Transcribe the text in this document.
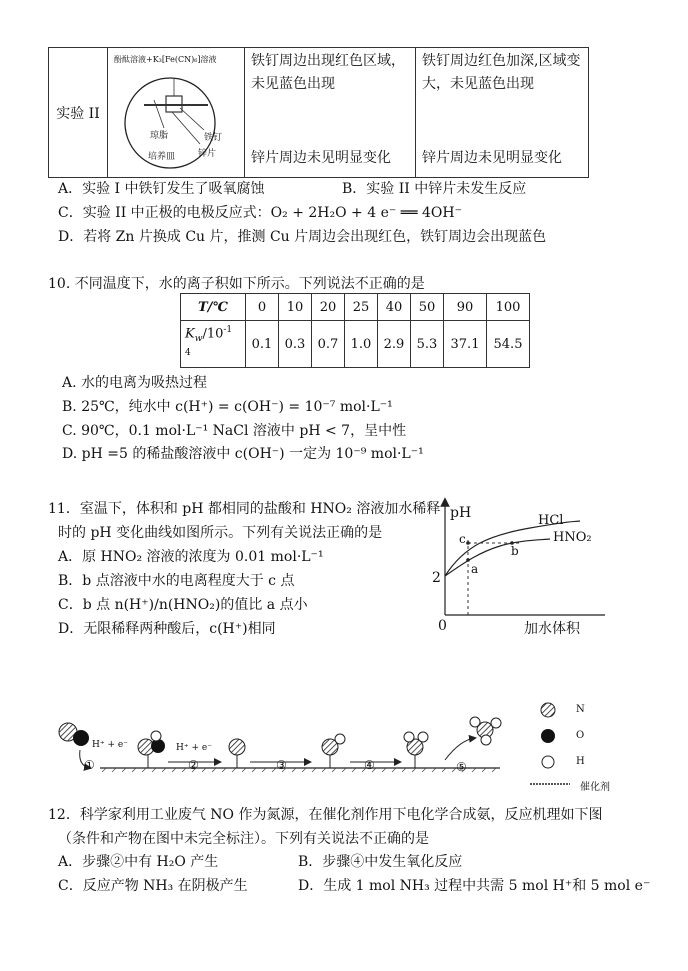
实验 II	
酚酞溶液+K₃[Fe(CN)₆]溶液
琼脂	铁钉
锌片
培养皿

铁钉周边出现红色区域，未见蓝色出现
锌片周边未见明显变化

铁钉周边红色加深,区域变大，未见蓝色出现
锌片周边未见明显变化
A．实验 I 中铁钉发生了吸氧腐蚀	B．实验 II 中锌片未发生反应
C．实验 II 中正极的电极反应式：O₂ + 2H₂O + 4 e⁻ ══ 4OH⁻
D．若将 Zn 片换成 Cu 片，推测 Cu 片周边会出现红色，铁钉周边会出现蓝色
10. 不同温度下，水的离子积如下所示。下列说法不正确的是
T/℃	0	10	20	25	40	50	90	100
$K_w/10^{-1}$
$^4$	0.1	0.3	0.7	1.0	2.9	5.3	37.1	54.5
A. 水的电离为吸热过程
B. 25℃，纯水中 c(H⁺) = c(OH⁻) = 10⁻⁷ mol·L⁻¹
C. 90℃，0.1 mol·L⁻¹ NaCl 溶液中 pH < 7，呈中性
D. pH =5 的稀盐酸溶液中 c(OH⁻) 一定为 10⁻⁹ mol·L⁻¹
11．室温下，体积和 pH 都相同的盐酸和 HNO₂ 溶液加水稀释
时的 pH 变化曲线如图所示。下列有关说法正确的是
A．原 HNO₂ 溶液的浓度为 0.01 mol·L⁻¹
B．b 点溶液中水的电离程度大于 c 点
C．b 点 n(H⁺)/n(HNO₂)的值比 a 点小
D．无限稀释两种酸后，c(H⁺)相同
pH	HCl
HNO₂
c
a
b
2
0	加水体积
H⁺ + e⁻	H⁺ + e⁻
①	②	③	④	⑤
N
O
H
催化剂
12．科学家利用工业废气 NO 作为氮源，在催化剂作用下电化学合成氨，反应机理如下图
（条件和产物在图中未完全标注）。下列有关说法不正确的是
A．步骤②中有 H₂O 产生	B．步骤④中发生氧化反应
C．反应产物 NH₃ 在阴极产生	D．生成 1 mol NH₃ 过程中共需 5 mol H⁺和 5 mol e⁻
